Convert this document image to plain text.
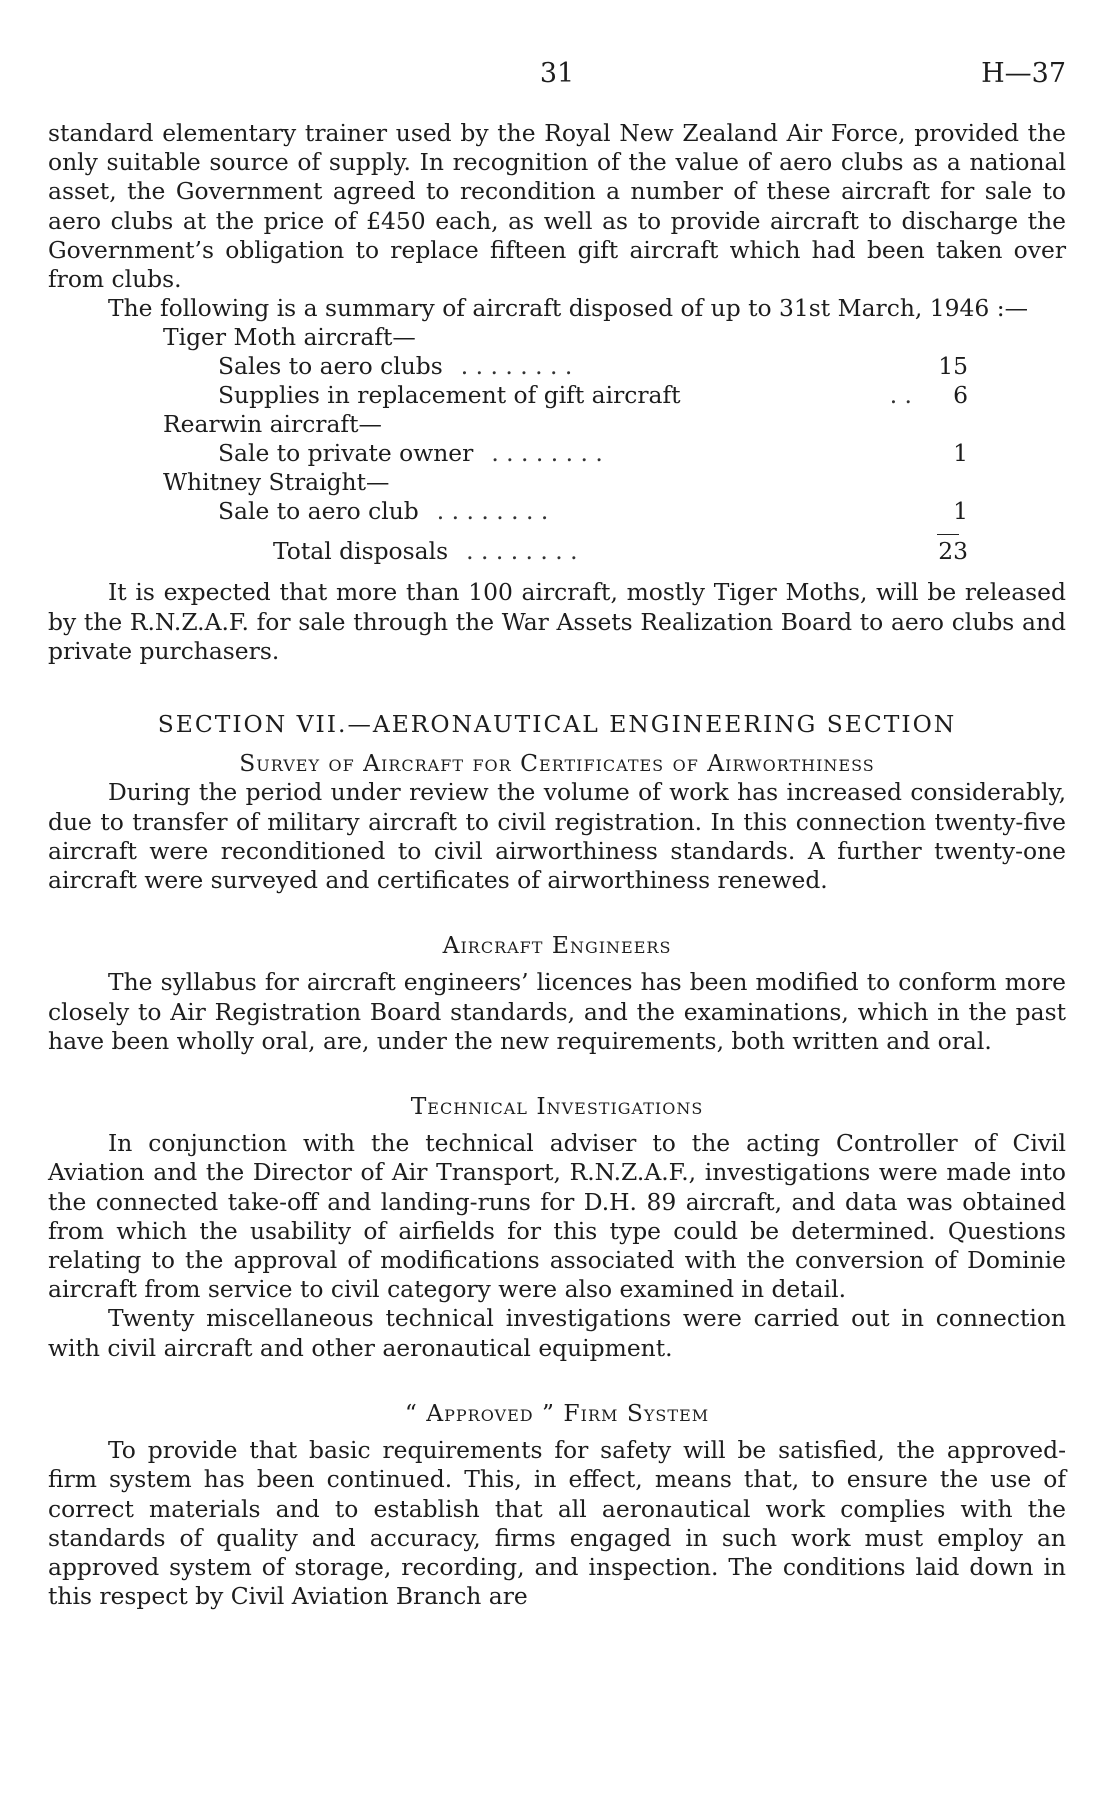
31	H—37

standard elementary trainer used by the Royal New Zealand Air Force, provided the only suitable source of supply. In recognition of the value of aero clubs as a national asset, the Government agreed to recondition a number of these aircraft for sale to aero clubs at the price of £450 each, as well as to provide aircraft to discharge the Government’s obligation to replace fifteen gift aircraft which had been taken over from clubs.

The following is a summary of aircraft disposed of up to 31st March, 1946 :—

Tiger Moth aircraft—
Sales to aero clubs . . . . . . . .	15
Supplies in replacement of gift aircraft	. .	6
Rearwin aircraft—
Sale to private owner . . . . . . . .	1
Whitney Straight—
Sale to aero club . . . . . . . .	1
Total disposals . . . . . . . .	23

It is expected that more than 100 aircraft, mostly Tiger Moths, will be released by the R.N.Z.A.F. for sale through the War Assets Realization Board to aero clubs and private purchasers.

SECTION VII.—AERONAUTICAL ENGINEERING SECTION
Survey of Aircraft for Certificates of Airworthiness

During the period under review the volume of work has increased considerably, due to transfer of military aircraft to civil registration. In this connection twenty-five aircraft were reconditioned to civil airworthiness standards. A further twenty-one aircraft were surveyed and certificates of airworthiness renewed.

Aircraft Engineers

The syllabus for aircraft engineers’ licences has been modified to conform more closely to Air Registration Board standards, and the examinations, which in the past have been wholly oral, are, under the new requirements, both written and oral.

Technical Investigations

In conjunction with the technical adviser to the acting Controller of Civil Aviation and the Director of Air Transport, R.N.Z.A.F., investigations were made into the connected take-off and landing-runs for D.H. 89 aircraft, and data was obtained from which the usability of airfields for this type could be determined. Questions relating to the approval of modifications associated with the conversion of Dominie aircraft from service to civil category were also examined in detail.

Twenty miscellaneous technical investigations were carried out in connection with civil aircraft and other aeronautical equipment.

“ Approved ” Firm System

To provide that basic requirements for safety will be satisfied, the approved-firm system has been continued. This, in effect, means that, to ensure the use of correct materials and to establish that all aeronautical work complies with the standards of quality and accuracy, firms engaged in such work must employ an approved system of storage, recording, and inspection. The conditions laid down in this respect by Civil Aviation Branch are
